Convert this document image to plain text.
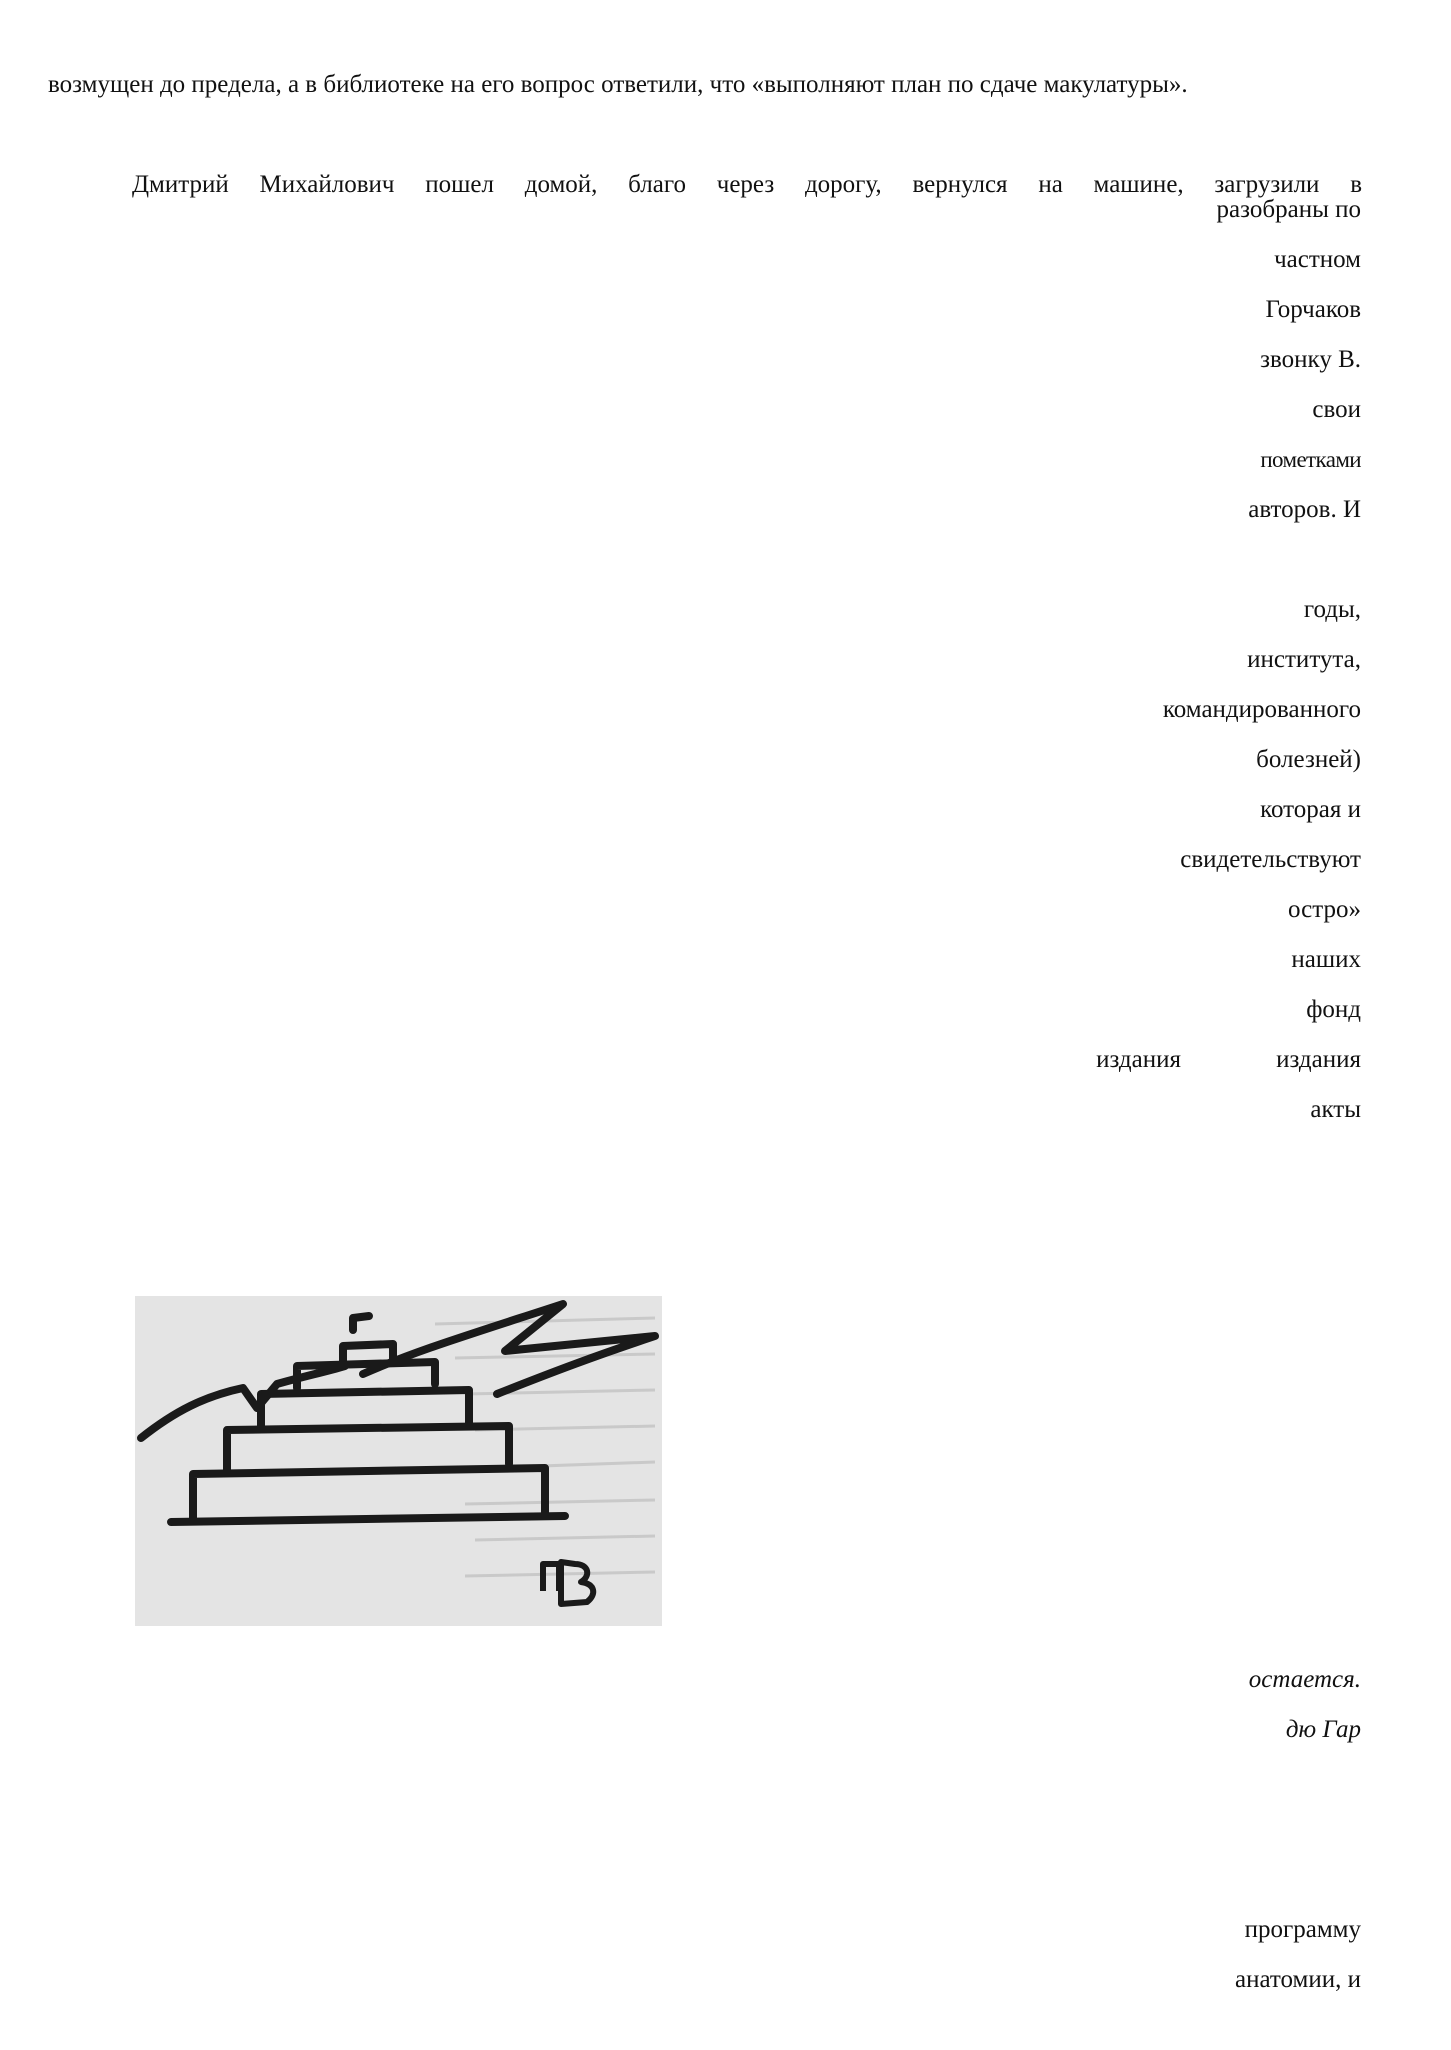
возмущен до предела, а в библиотеке на его вопрос ответили, что «выполняют план по сдаче макулатуры».

Дмитрий Михайлович пошел домой, благо через дорогу, вернулся на машине, загрузили в

разобраны по
частном
Горчаков
звонку В.
свои
пометками
авторов. И
годы,
института,
командированного
болезней)
которая и
свидетельствуют
остро»
наших
фонд
издания	издания
акты
остается.
дю Гар
программу
анатомии, и
